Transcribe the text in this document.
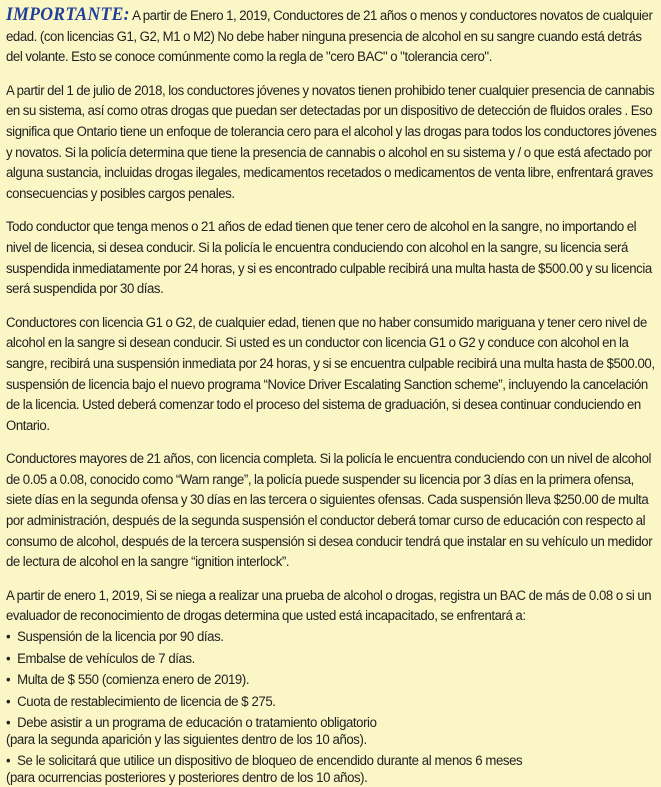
IMPORTANTE: A partir de Enero 1, 2019, Conductores de 21 años o menos y conductores novatos de cualquier edad. (con licencias G1, G2, M1 o M2) No debe haber ninguna presencia de alcohol en su sangre cuando está detrás del volante. Esto se conoce comúnmente como la regla de "cero BAC" o "tolerancia cero".

A partir del 1 de julio de 2018, los conductores jóvenes y novatos tienen prohibido tener cualquier presencia de cannabis en su sistema, así como otras drogas que puedan ser detectadas por un dispositivo de detección de fluidos orales . Eso significa que Ontario tiene un enfoque de tolerancia cero para el alcohol y las drogas para todos los conductores jóvenes y novatos. Si la policía determina que tiene la presencia de cannabis o alcohol en su sistema y / o que está afectado por alguna sustancia, incluidas drogas ilegales, medicamentos recetados o medicamentos de venta libre, enfrentará graves consecuencias y posibles cargos penales.

Todo conductor que tenga menos o 21 años de edad tienen que tener cero de alcohol en la sangre, no importando el nivel de licencia, si desea conducir. Si la policía le encuentra conduciendo con alcohol en la sangre, su licencia será suspendida inmediatamente por 24 horas, y si es encontrado culpable recibirá una multa hasta de $500.00 y su licencia será suspendida por 30 días.

Conductores con licencia G1 o G2, de cualquier edad, tienen que no haber consumido mariguana y tener cero nivel de alcohol en la sangre si desean conducir. Si usted es un conductor con licencia G1 o G2 y conduce con alcohol en la sangre, recibirá una suspensión inmediata por 24 horas, y si se encuentra culpable recibirá una multa hasta de $500.00, suspensión de licencia bajo el nuevo programa “Novice Driver Escalating Sanction scheme”, incluyendo la cancelación de la licencia. Usted deberá comenzar todo el proceso del sistema de graduación, si desea continuar conduciendo en Ontario.

Conductores mayores de 21 años, con licencia completa. Si la policía le encuentra conduciendo con un nivel de alcohol de 0.05 a 0.08, conocido como “Warn range”, la policía puede suspender su licencia por 3 días en la primera ofensa, siete días en la segunda ofensa y 30 días en las tercera o siguientes ofensas. Cada suspensión lleva $250.00 de multa por administración, después de la segunda suspensión el conductor deberá tomar curso de educación con respecto al consumo de alcohol, después de la tercera suspensión si desea conducir tendrá que instalar en su vehículo un medidor de lectura de alcohol en la sangre “ignition interlock”.

A partir de enero 1, 2019, Si se niega a realizar una prueba de alcohol o drogas, registra un BAC de más de 0.08 o si un evaluador de reconocimiento de drogas determina que usted está incapacitado, se enfrentará a:

• Suspensión de la licencia por 90 días.
• Embalse de vehículos de 7 días.
• Multa de $ 550 (comienza enero de 2019).
• Cuota de restablecimiento de licencia de $ 275.
• Debe asistir a un programa de educación o tratamiento obligatorio
(para la segunda aparición y las siguientes dentro de los 10 años).
• Se le solicitará que utilice un dispositivo de bloqueo de encendido durante al menos 6 meses
(para ocurrencias posteriores y posteriores dentro de los 10 años).
